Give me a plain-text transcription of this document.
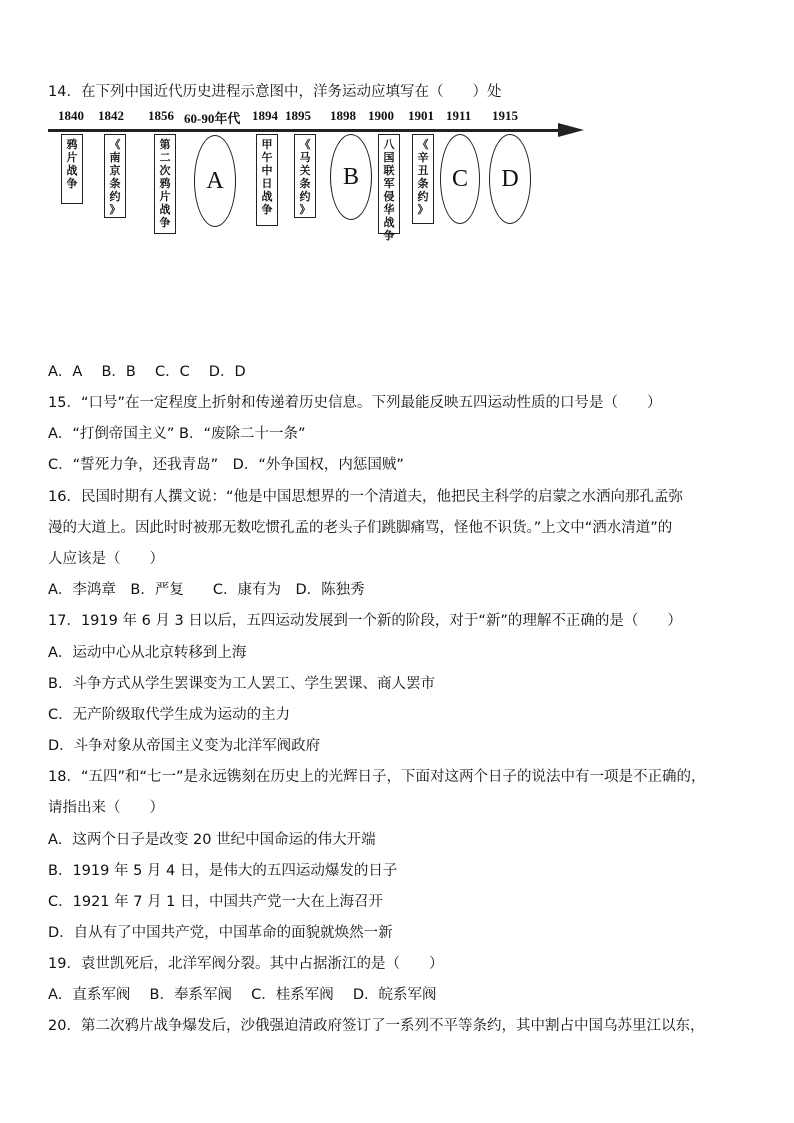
14．在下列中国近代历史进程示意图中，洋务运动应填写在（　　）处
1840 1842 1856 60-90年代 1894 1895 1898 1900 1901 1911 1915
鸦
片
战
争
《
南
京
条
约
》
第
二
次
鸦
片
战
争
甲
午
中
日
战
争
《
马
关
条
约
》
八
国
联
军
侵
华
战
争
《
辛
丑
条
约
》
A	B	C	D
A．A　 B．B　 C．C　 D．D
15．“口号”在一定程度上折射和传递着历史信息。下列最能反映五四运动性质的口号是（　　）
A．“打倒帝国主义” B．“废除二十一条”
C．“誓死力争，还我青岛”　D．“外争国权，内惩国贼”
16．民国时期有人撰文说：“他是中国思想界的一个清道夫，他把民主科学的启蒙之水洒向那孔孟弥
漫的大道上。因此时时被那无数吃惯孔孟的老头子们跳脚痛骂，怪他不识货。”上文中“洒水清道”的
人应该是（　　）
A．李鸿章　B．严复　　C．康有为　D．陈独秀
17．1919 年 6 月 3 日以后，五四运动发展到一个新的阶段，对于“新”的理解不正确的是（　　）
A．运动中心从北京转移到上海
B．斗争方式从学生罢课变为工人罢工、学生罢课、商人罢市
C．无产阶级取代学生成为运动的主力
D．斗争对象从帝国主义变为北洋军阀政府
18．“五四”和“七一”是永远镌刻在历史上的光辉日子，下面对这两个日子的说法中有一项是不正确的，
请指出来（　　）
A．这两个日子是改变 20 世纪中国命运的伟大开端
B．1919 年 5 月 4 日，是伟大的五四运动爆发的日子
C．1921 年 7 月 1 日，中国共产党一大在上海召开
D．自从有了中国共产党，中国革命的面貌就焕然一新
19．袁世凯死后，北洋军阀分裂。其中占据浙江的是（　　）
A．直系军阀　 B．奉系军阀　 C．桂系军阀　 D．皖系军阀
20．第二次鸦片战争爆发后，沙俄强迫清政府签订了一系列不平等条约，其中割占中国乌苏里江以东，
